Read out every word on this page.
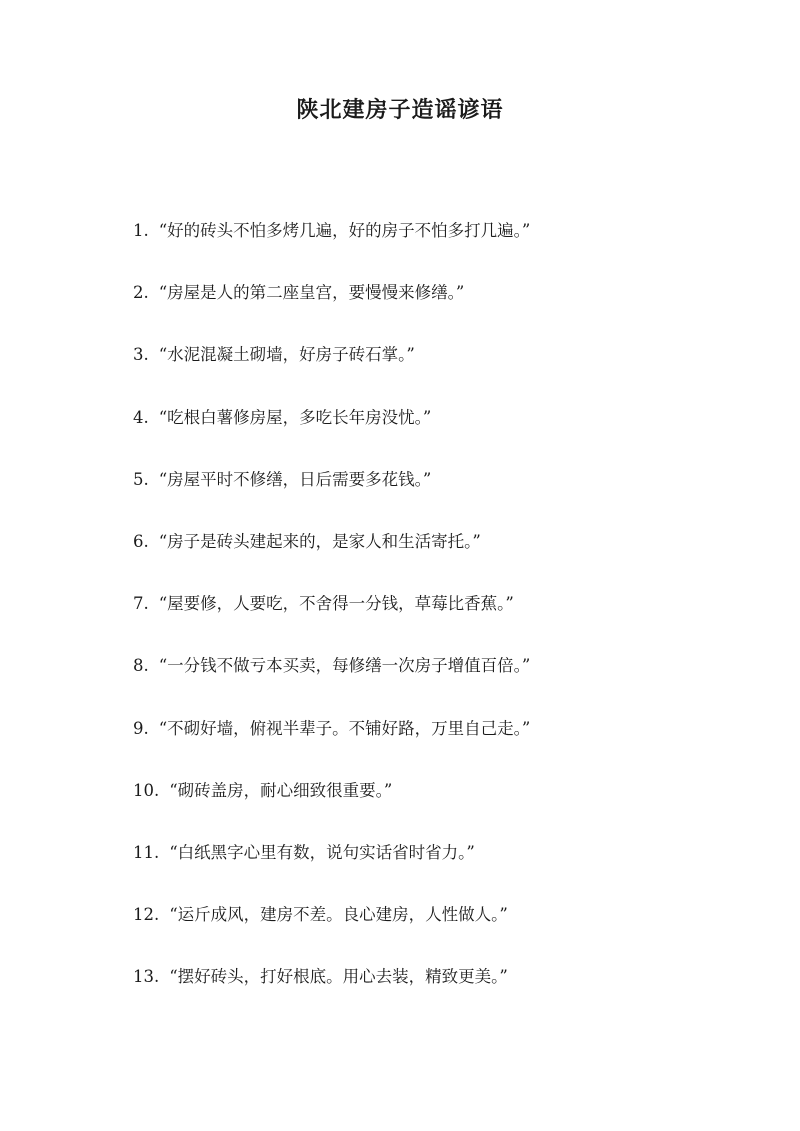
陕北建房子造谣谚语
1. “好的砖头不怕多烤几遍，好的房子不怕多打几遍。”
2. “房屋是人的第二座皇宫，要慢慢来修缮。”
3. “水泥混凝土砌墙，好房子砖石掌。”
4. “吃根白薯修房屋，多吃长年房没忧。”
5. “房屋平时不修缮，日后需要多花钱。”
6. “房子是砖头建起来的，是家人和生活寄托。”
7. “屋要修，人要吃，不舍得一分钱，草莓比香蕉。”
8. “一分钱不做亏本买卖，每修缮一次房子增值百倍。”
9. “不砌好墙，俯视半辈子。不铺好路，万里自己走。”
10. “砌砖盖房，耐心细致很重要。”
11. “白纸黑字心里有数，说句实话省时省力。”
12. “运斤成风，建房不差。良心建房，人性做人。”
13. “摆好砖头，打好根底。用心去装，精致更美。”
